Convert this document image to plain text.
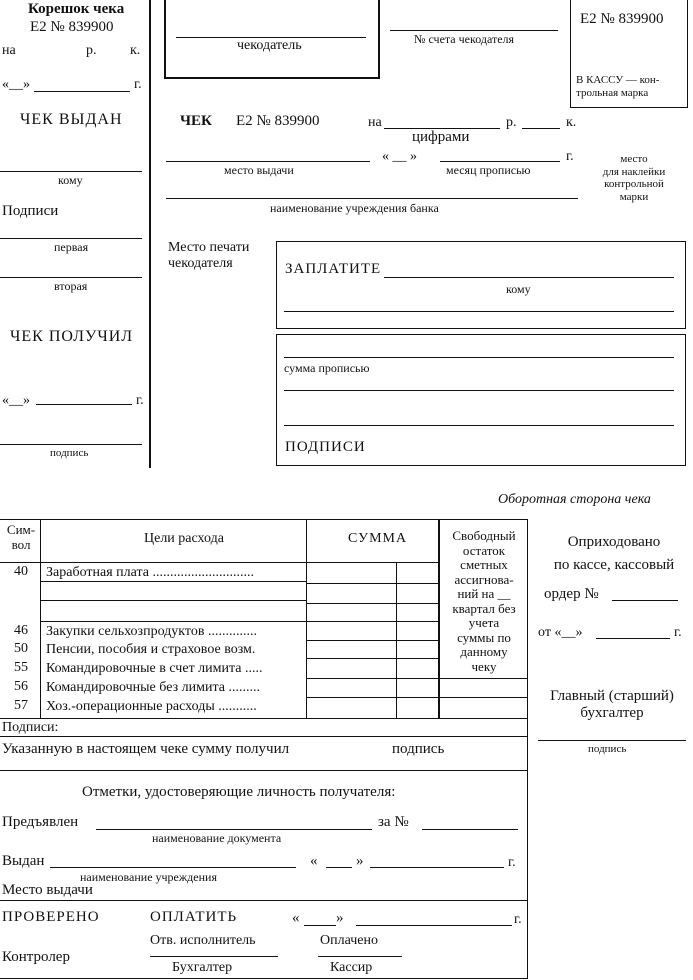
Корешок чека
E2 № 839900
на	р. к.
«__»	г.
ЧЕК ВЫДАН
кому
Подписи
первая
вторая
ЧЕК ПОЛУЧИЛ
«__»	г.
подпись
чекодатель	№ счета чекодателя
E2 № 839900
В КАССУ — кон-
трольная марка
ЧЕК E2 № 839900	на
цифрами
р.	к.
место выдачи
« __ »
месяц прописью
г.	место
для наклейки
контрольной
марки
наименование учреждения банка
Место печати
чекодателя	ЗАПЛАТИТЕ
кому
сумма прописью
ПОДПИСИ
Оборотная сторона чека
Сим-
вол	Цели расхода	СУММА	Свободный
остаток
сметных
ассигнова-
ний на __
квартал без
учета
суммы по
данному
чеку
40 Заработная плата .............................
46 Закупки сельхозпродуктов ..............
50 Пенсии, пособия и страховое возм.
55 Командировочные в счет лимита .....
56 Командировочные без лимита .........
57 Хоз.-операционные расходы ...........
Подписи:
Указанную в настоящем чеке сумму получил	подпись
Отметки, удостоверяющие личность получателя:
Предъявлен	за №
наименование документа
Выдан	«	»	г.
наименование учреждения
Место выдачи
ПРОВЕРЕНО	ОПЛАТИТЬ	« »	г.
Отв. исполнитель	Оплачено
Контролер
Бухгалтер	Кассир
Оприходовано
по кассе, кассовый
ордер №
от «__»	г.
Главный (старший)
бухгалтер
подпись
